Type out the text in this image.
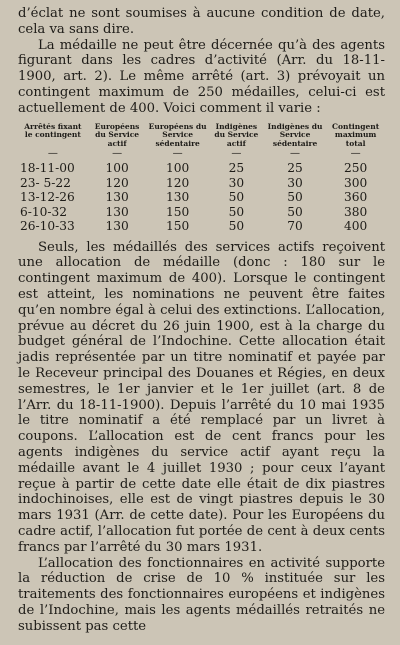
d’éclat ne sont soumises à aucune condition de date, cela va sans dire.

La médaille ne peut être décernée qu’à des agents figurant dans les cadres d’activité (Arr. du 18-11-1900, art. 2). Le même arrêté (art. 3) prévoyait un contingent maximum de 250 médailles, celui-ci est actuellement de 400. Voici comment il varie :

Arrêtés fixant le contingent	Européens du Service actif	Européens du Service sédentaire	Indigènes du Service actif	Indigènes du Service sédentaire	Contingent maximum total
—	—	—	—	—	—
18-11-00	100	100	25	25	250
23- 5-22	120	120	30	30	300
13-12-26	130	130	50	50	360
6-10-32	130	150	50	50	380
26-10-33	130	150	50	70	400

Seuls, les médaillés des services actifs reçoivent une allocation de médaille (donc : 180 sur le contingent maximum de 400). Lorsque le contingent est atteint, les nominations ne peuvent être faites qu’en nombre égal à celui des extinctions. L’allocation, prévue au décret du 26 juin 1900, est à la charge du budget général de l’Indochine. Cette allocation était jadis représentée par un titre nominatif et payée par le Receveur principal des Douanes et Régies, en deux semestres, le 1er janvier et le 1er juillet (art. 8 de l’Arr. du 18-11-1900). Depuis l’arrêté du 10 mai 1935 le titre nominatif a été remplacé par un livret à coupons. L’allocation est de cent francs pour les agents indigènes du service actif ayant reçu la médaille avant le 4 juillet 1930 ; pour ceux l’ayant reçue à partir de cette date elle était de dix piastres indochinoises, elle est de vingt piastres depuis le 30 mars 1931 (Arr. de cette date). Pour les Européens du cadre actif, l’allocation fut portée de cent à deux cents francs par l’arrêté du 30 mars 1931.

L’allocation des fonctionnaires en activité supporte la réduction de crise de 10 % instituée sur les traitements des fonctionnaires européens et indigènes de l’Indochine, mais les agents médaillés retraités ne subissent pas cette
